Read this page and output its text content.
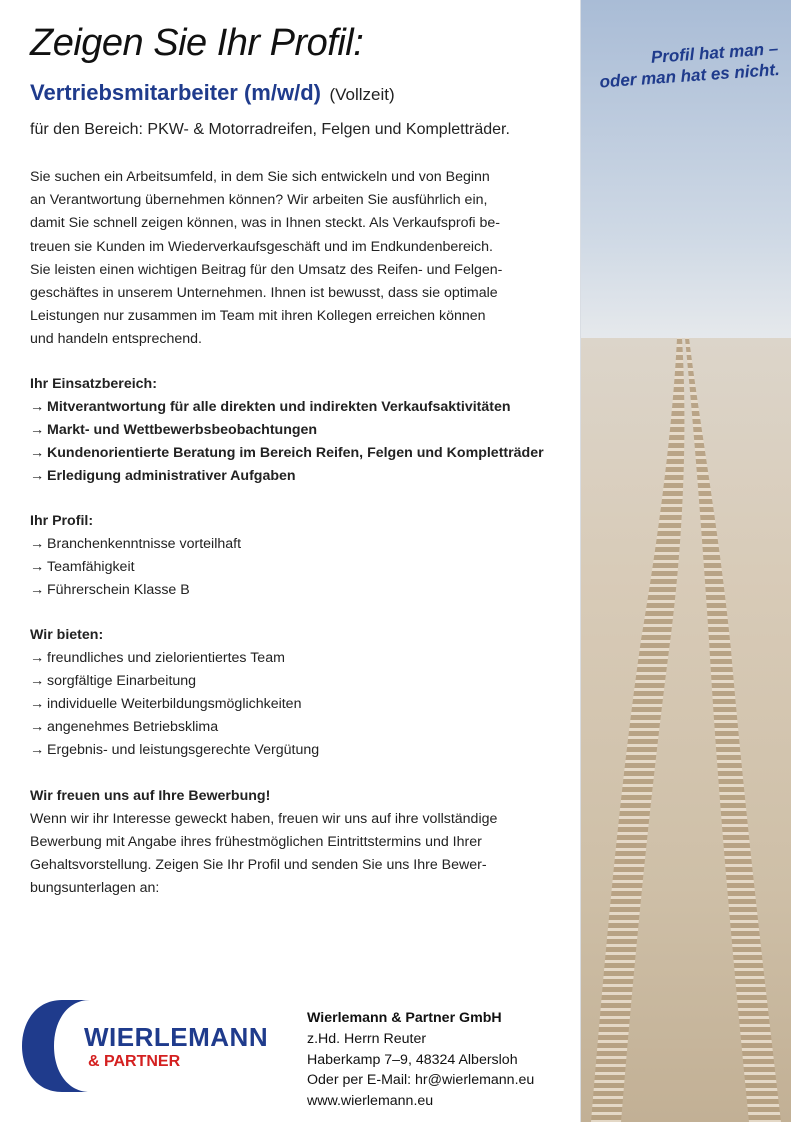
Zeigen Sie Ihr Profil:
Vertriebsmitarbeiter (m/w/d) (Vollzeit)
für den Bereich: PKW- & Motorradreifen, Felgen und Kompletträder.
Sie suchen ein Arbeitsumfeld, in dem Sie sich entwickeln und von Beginn
an Verantwortung übernehmen können? Wir arbeiten Sie ausführlich ein,
damit Sie schnell zeigen können, was in Ihnen steckt. Als Verkaufsprofi be-
treuen sie Kunden im Wiederverkaufsgeschäft und im Endkundenbereich.
Sie leisten einen wichtigen Beitrag für den Umsatz des Reifen- und Felgen-
geschäftes in unserem Unternehmen. Ihnen ist bewusst, dass sie optimale
Leistungen nur zusammen im Team mit ihren Kollegen erreichen können
und handeln entsprechend.
Ihr Einsatzbereich:
→ Mitverantwortung für alle direkten und indirekten Verkaufsaktivitäten
→ Markt- und Wettbewerbsbeobachtungen
→ Kundenorientierte Beratung im Bereich Reifen, Felgen und Kompletträder
→ Erledigung administrativer Aufgaben
Ihr Profil:
→ Branchenkenntnisse vorteilhaft
→ Teamfähigkeit
→ Führerschein Klasse B
Wir bieten:
→ freundliches und zielorientiertes Team
→ sorgfältige Einarbeitung
→ individuelle Weiterbildungsmöglichkeiten
→ angenehmes Betriebsklima
→ Ergebnis- und leistungsgerechte Vergütung
Wir freuen uns auf Ihre Bewerbung!
Wenn wir ihr Interesse geweckt haben, freuen wir uns auf ihre vollständige
Bewerbung mit Angabe ihres frühestmöglichen Eintrittstermins und Ihrer
Gehaltsvorstellung. Zeigen Sie Ihr Profil und senden Sie uns Ihre Bewer-
bungsunterlagen an:
WIERLEMANN
& PARTNER
Wierlemann & Partner GmbH
z.Hd. Herrn Reuter
Haberkamp 7–9, 48324 Albersloh
Oder per E-Mail: hr@wierlemann.eu
www.wierlemann.eu
Profil hat man –
oder man hat es nicht.
